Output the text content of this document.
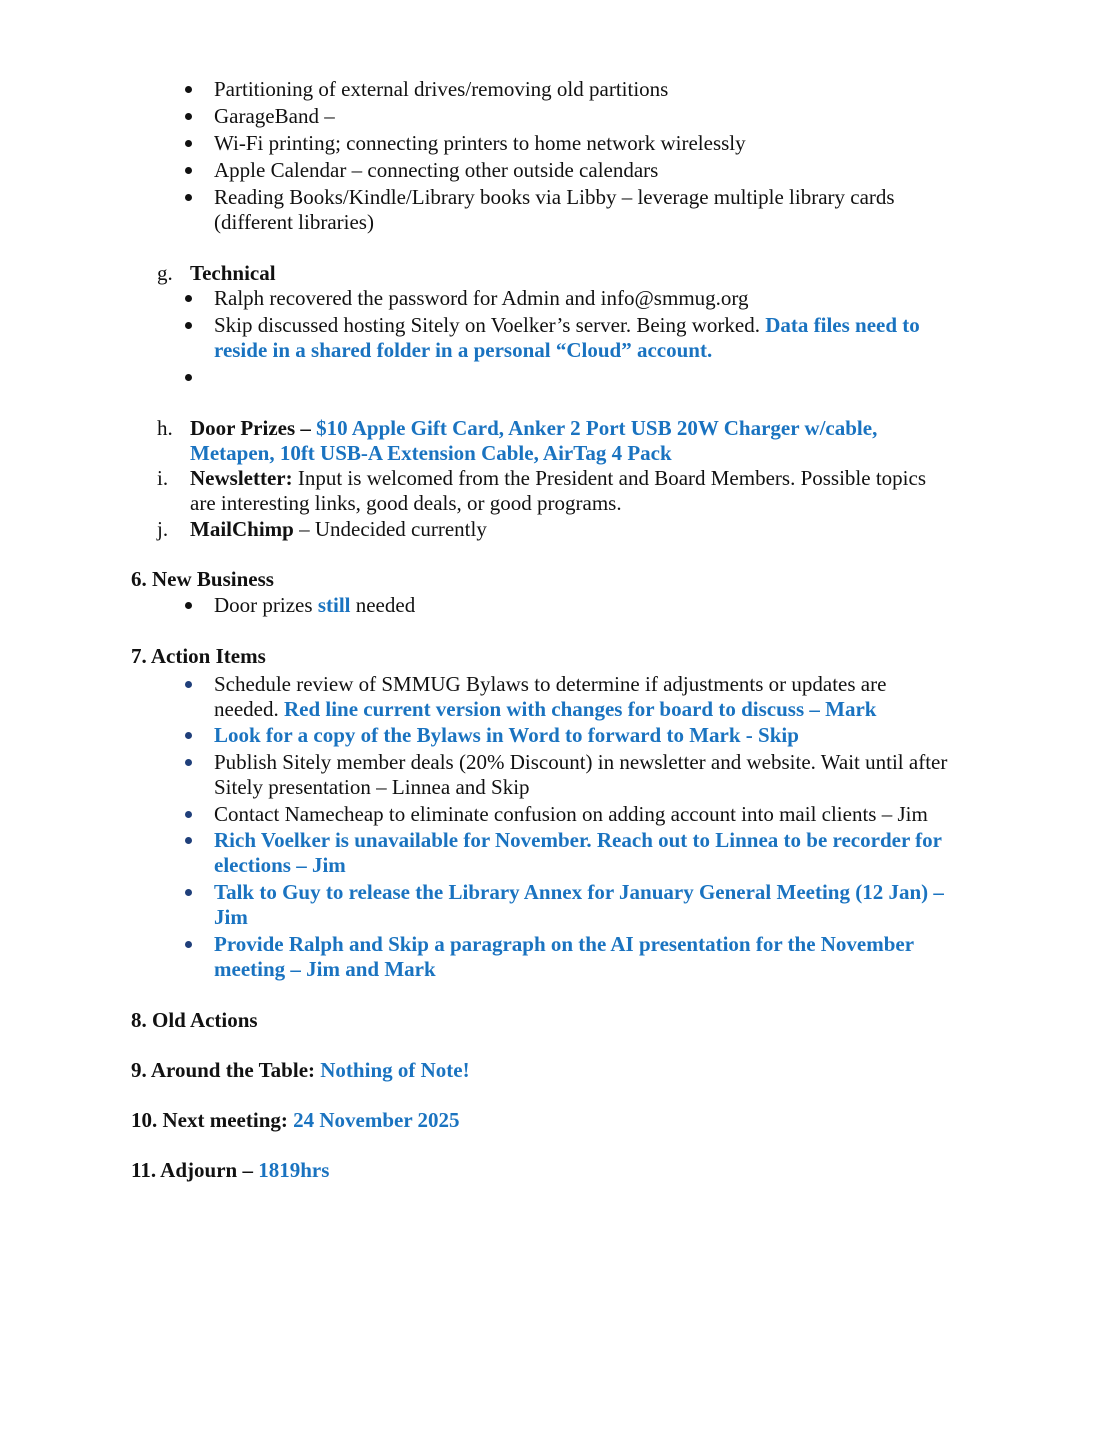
Partitioning of external drives/removing old partitions
GarageBand –
Wi-Fi printing; connecting printers to home network wirelessly
Apple Calendar – connecting other outside calendars
Reading Books/Kindle/Library books via Libby – leverage multiple library cards
(different libraries)
g. Technical
Ralph recovered the password for Admin and info@smmug.org
Skip discussed hosting Sitely on Voelker’s server. Being worked. Data files need to
reside in a shared folder in a personal “Cloud” account.
h. Door Prizes – $10 Apple Gift Card, Anker 2 Port USB 20W Charger w/cable,
Metapen, 10ft USB-A Extension Cable, AirTag 4 Pack
i. Newsletter: Input is welcomed from the President and Board Members. Possible topics
are interesting links, good deals, or good programs.
j. MailChimp – Undecided currently
6. New Business
Door prizes still needed
7. Action Items
Schedule review of SMMUG Bylaws to determine if adjustments or updates are
needed. Red line current version with changes for board to discuss – Mark
Look for a copy of the Bylaws in Word to forward to Mark - Skip
Publish Sitely member deals (20% Discount) in newsletter and website. Wait until after
Sitely presentation – Linnea and Skip
Contact Namecheap to eliminate confusion on adding account into mail clients – Jim
Rich Voelker is unavailable for November. Reach out to Linnea to be recorder for
elections – Jim
Talk to Guy to release the Library Annex for January General Meeting (12 Jan) –
Jim
Provide Ralph and Skip a paragraph on the AI presentation for the November
meeting – Jim and Mark
8. Old Actions
9. Around the Table: Nothing of Note!
10. Next meeting: 24 November 2025
11. Adjourn – 1819hrs
